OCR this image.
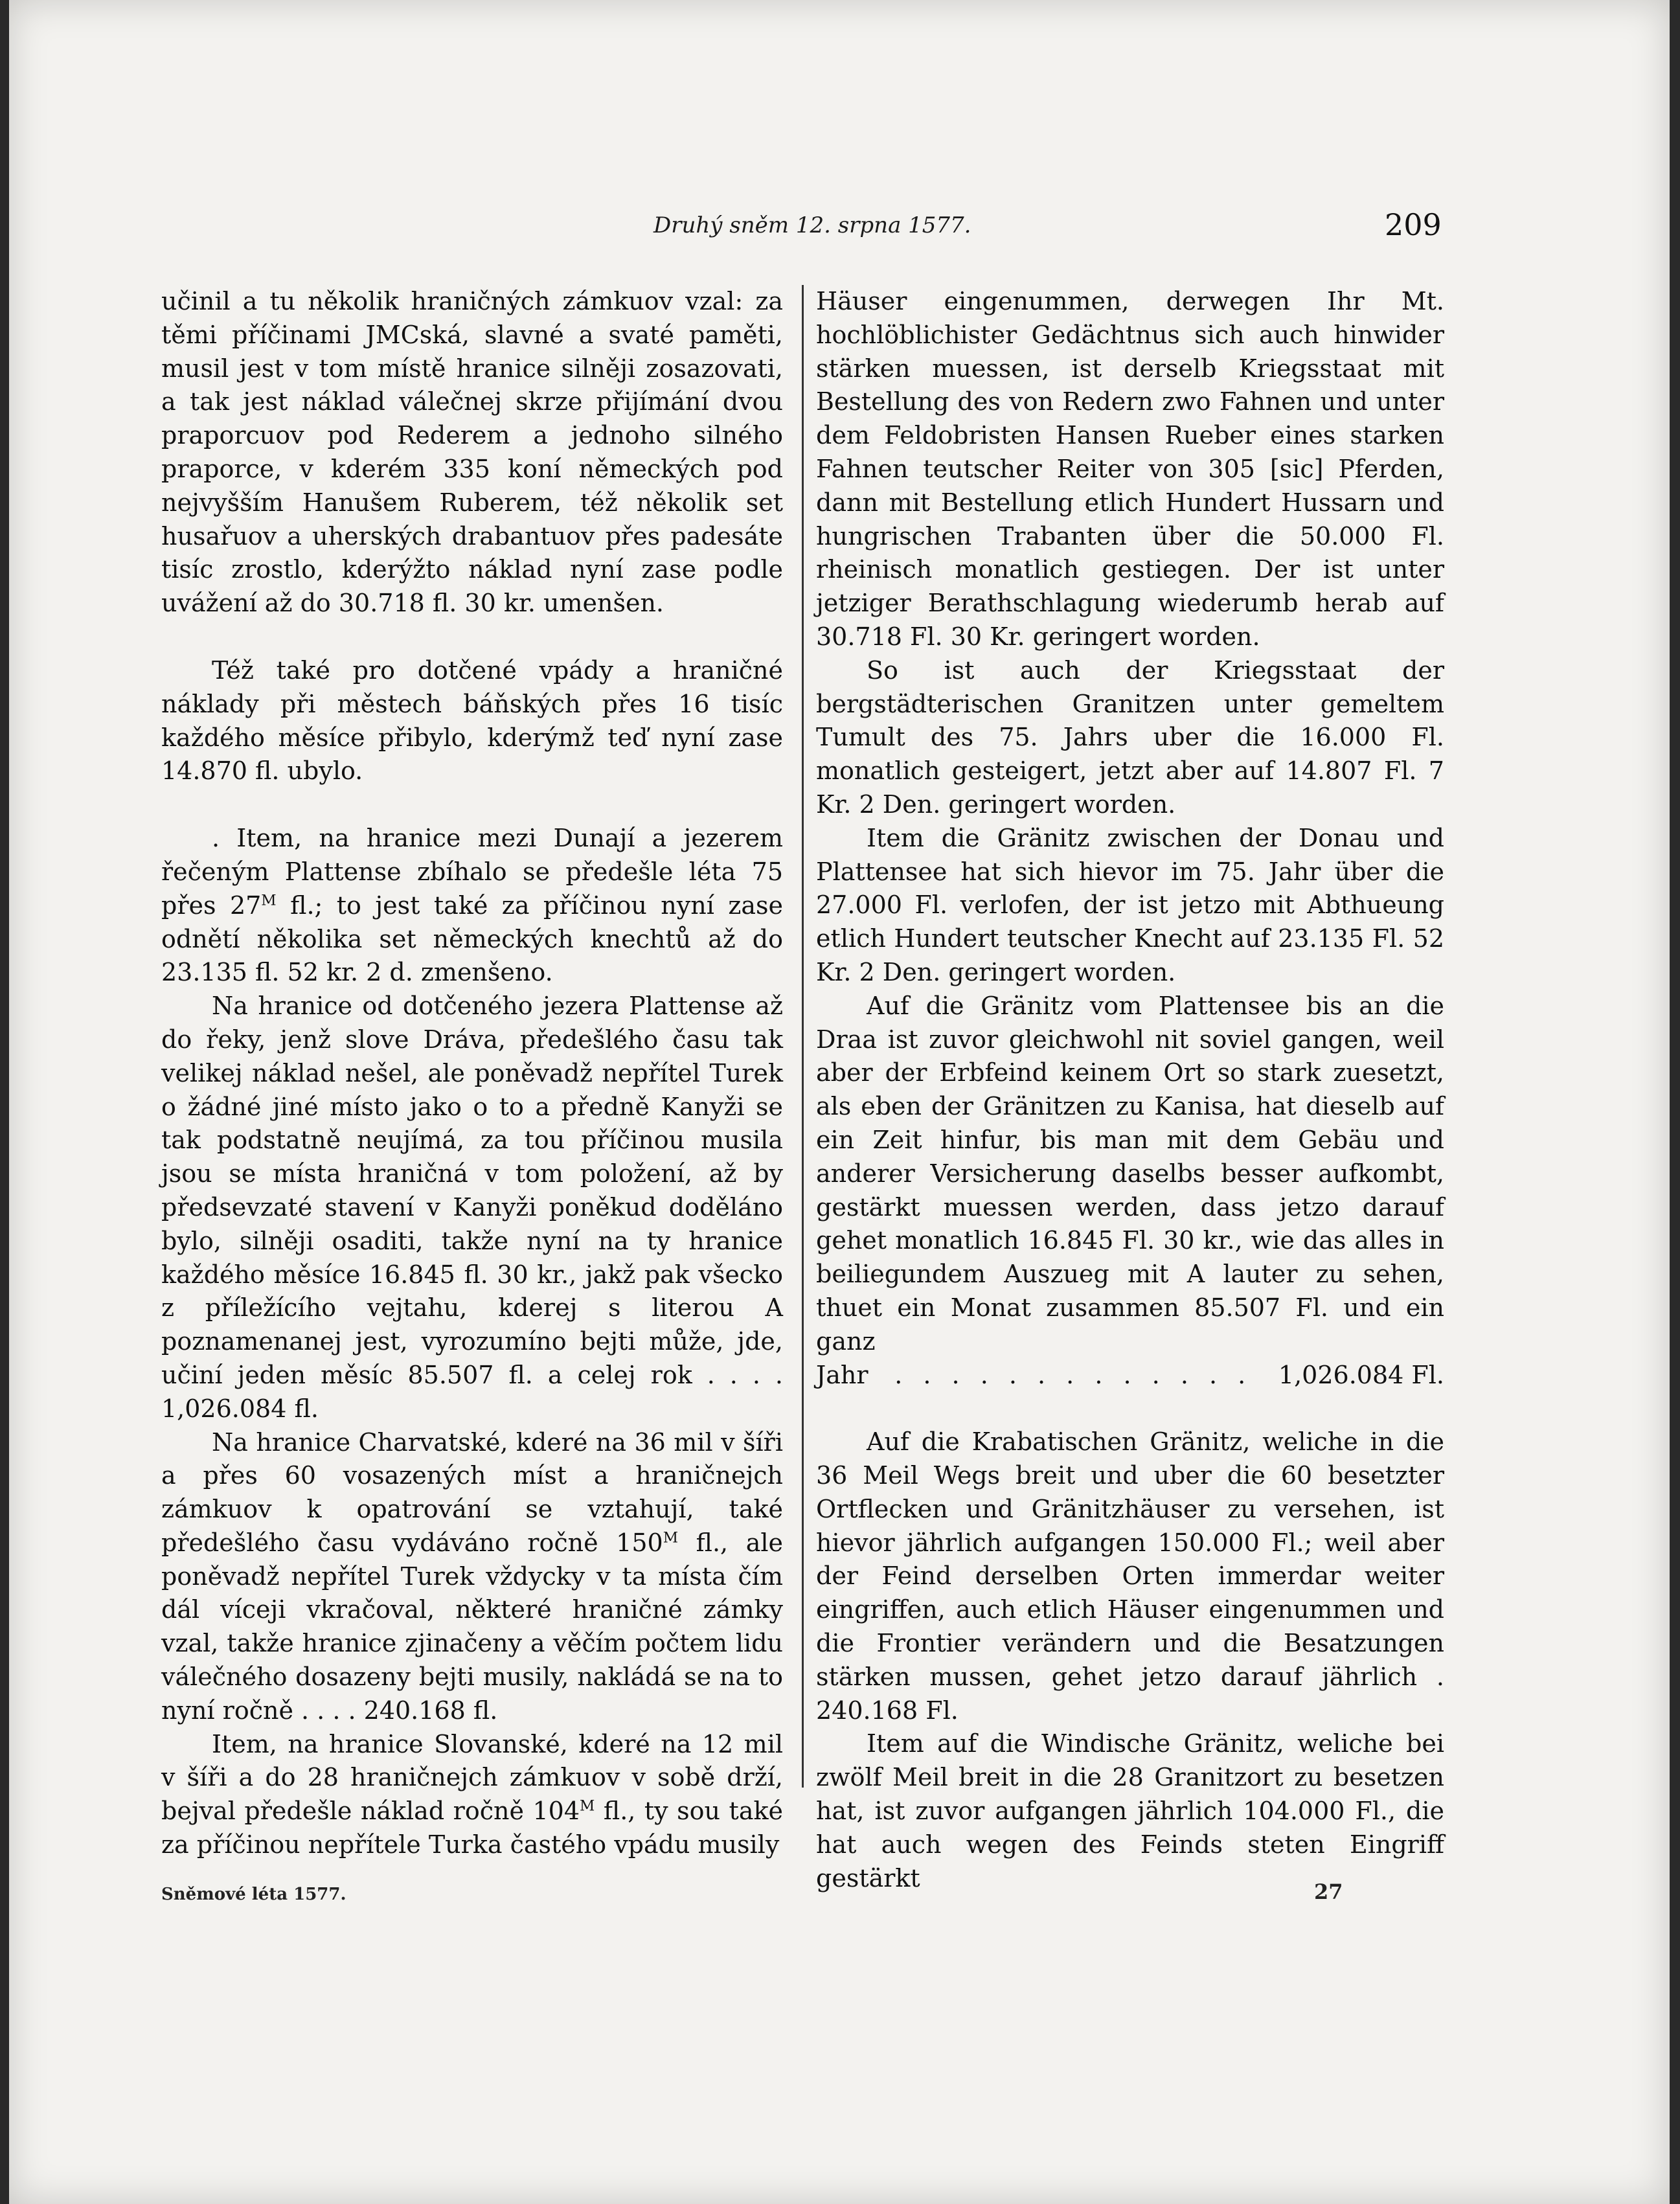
Druhý sněm 12. srpna 1577.	209

učinil a tu několik hraničných zámkuov vzal: za těmi příčinami JMCská, slavné a svaté paměti, musil jest v tom místě hranice silněji zosazovati, a tak jest náklad válečnej skrze přijímání dvou praporcuov pod Rederem a jednoho silného praporce, v kderém 335 koní německých pod nejvyšším Hanušem Ruberem, též několik set husařuov a uherských drabantuov přes padesáte tisíc zrostlo, kderýžto náklad nyní zase podle uvážení až do 30.718 fl. 30 kr. umenšen.

Též také pro dotčené vpády a hraničné náklady při městech báňských přes 16 tisíc každého měsíce přibylo, kderýmž teď nyní zase 14.870 fl. ubylo.

. Item, na hranice mezi Dunají a jezerem řečeným Plattense zbíhalo se předešle léta 75 přes $27^M$ fl.; to jest také za příčinou nyní zase odnětí několika set německých knechtů až do 23.135 fl. 52 kr. 2 d. zmenšeno.

Na hranice od dotčeného jezera Plattense až do řeky, jenž slove Dráva, předešlého času tak velikej náklad nešel, ale poněvadž nepřítel Turek o žádné jiné místo jako o to a předně Kanyži se tak podstatně neujímá, za tou příčinou musila jsou se místa hraničná v tom položení, až by předsevzaté stavení v Kanyži poněkud doděláno bylo, silněji osaditi, takže nyní na ty hranice každého měsíce 16.845 fl. 30 kr., jakž pak všecko z příležícího vejtahu, kderej s literou A poznamenanej jest, vyrozumíno bejti může, jde, učiní jeden měsíc 85.507 fl. a celej rok . . . . 1,026.084 fl.

Na hranice Charvatské, kderé na 36 mil v šíři a přes 60 vosazených míst a hraničnejch zámkuov k opatrování se vztahují, také předešlého času vydáváno ročně $150^M$ fl., ale poněvadž nepřítel Turek vždycky v ta místa čím dál víceji vkračoval, některé hraničné zámky vzal, takže hranice zjinačeny a věčím počtem lidu válečného dosazeny bejti musily, nakládá se na to nyní ročně . . . . 240.168 fl.

Item, na hranice Slovanské, kderé na 12 mil v šíři a do 28 hraničnejch zámkuov v sobě drží, bejval předešle náklad ročně $104^M$ fl., ty sou také za příčinou nepřítele Turka častého vpádu musily

Häuser eingenummen, derwegen Ihr Mt. hochlöblichister Gedächtnus sich auch hinwider stärken muessen, ist derselb Kriegsstaat mit Bestellung des von Redern zwo Fahnen und unter dem Feldobristen Hansen Rueber eines starken Fahnen teutscher Reiter von 305 [sic] Pferden, dann mit Bestellung etlich Hundert Hussarn und hungrischen Trabanten über die 50.000 Fl. rheinisch monatlich gestiegen. Der ist unter jetziger Berathschlagung wiederumb herab auf 30.718 Fl. 30 Kr. geringert worden.

So ist auch der Kriegsstaat der bergstädterischen Granitzen unter gemeltem Tumult des 75. Jahrs uber die 16.000 Fl. monatlich gesteigert, jetzt aber auf 14.807 Fl. 7 Kr. 2 Den. geringert worden.

Item die Gränitz zwischen der Donau und Plattensee hat sich hievor im 75. Jahr über die 27.000 Fl. verlofen, der ist jetzo mit Abthueung etlich Hundert teutscher Knecht auf 23.135 Fl. 52 Kr. 2 Den. geringert worden.

Auf die Gränitz vom Plattensee bis an die Draa ist zuvor gleichwohl nit soviel gangen, weil aber der Erbfeind keinem Ort so stark zuesetzt, als eben der Gränitzen zu Kanisa, hat dieselb auf ein Zeit hinfur, bis man mit dem Gebäu und anderer Versicherung daselbs besser aufkombt, gestärkt muessen werden, dass jetzo darauf gehet monatlich 16.845 Fl. 30 kr., wie das alles in beiliegundem Auszueg mit A lauter zu sehen, thuet ein Monat zusammen 85.507 Fl. und ein ganz

Jahr	. . . . . . . . . . . . .	1,026.084 Fl.

Auf die Krabatischen Gränitz, weliche in die 36 Meil Wegs breit und uber die 60 besetzter Ortflecken und Gränitzhäuser zu versehen, ist hievor jährlich aufgangen 150.000 Fl.; weil aber der Feind derselben Orten immerdar weiter eingriffen, auch etlich Häuser eingenummen und die Frontier verändern und die Besatzungen stärken mussen, gehet jetzo darauf jährlich . 240.168 Fl.

Item auf die Windische Gränitz, weliche bei zwölf Meil breit in die 28 Granitzort zu besetzen hat, ist zuvor aufgangen jährlich 104.000 Fl., die hat auch wegen des Feinds steten Eingriff gestärkt

Sněmové léta 1577.	27
